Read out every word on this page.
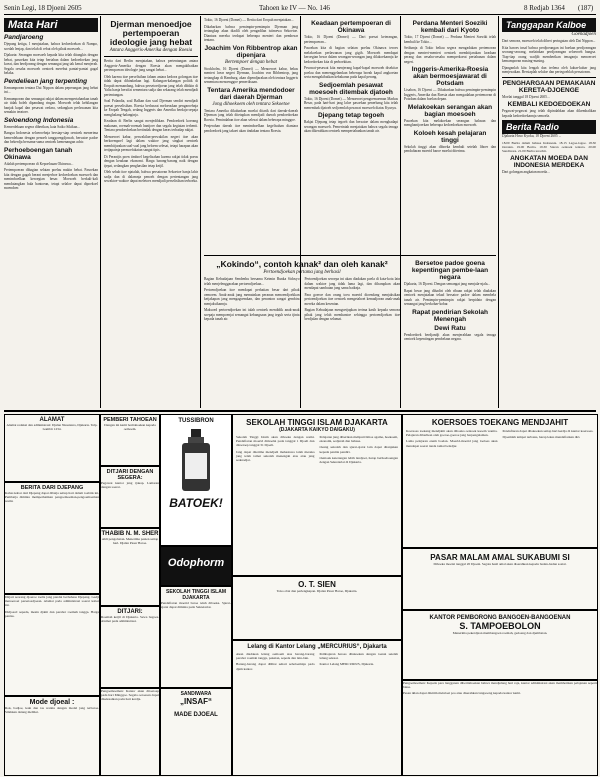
Senin Legi, 18 Djoeni 2605	Tahoen ke IV — No. 146	8 Redjab 1364 (187)
Mata Hari
Pandjaroeng

Djepang ketiga, I menjatakan, bahwa kedoedoekan di Nampo, soedah lenjap, dan telah di rebut oleh pihak moesoeh...

Djakarta: Serangan moesoeh kepada kita telah ditangkis dengan hebat, pasoekan kita tetap bertahan dalam kedoedoekan jang koeat, dan berdjoeang dengan semangat jang tak kenal menjerah. Segala oesaha moesoeh oentoek merebut pantai-pantai gagal belaka.

Pendeliean jang terpenting

Kemampoean tentara Dai Nippon dalam peperangan jang hebat ini...

Kemampoean dan semangat rakjat dalam mempertahankan tanah air tidak boleh dipandang ringan. Moesoeh telah kehilangan banjak kapal dan pesawat oedara, sedangkan perlawanan kita semakin teratoer.

Seloendong Indonesia

Kemerdekaan segera diberikan, kata Saiko Sikikan...

Bangsa Indonesia seloeroehnja bersiap-siap oentoek menerima kemerdekaan dengan penoeh tanggoengdjawab, bersatoe padoe dan bekerdja bersama-sama oentoek kemenangan achir.

Perhoeboengan tanah Okinawa

Adalah pertempoeran di Kepoelauan Okinawa...

Pertempoeran dibagian selatan poelau makin hebat. Pasoekan kita dengan gagah berani menjerboe kedoedoekan moesoeh dan menimboelkan keroegian besar. Moesoeh berkali-kali mendatangkan bala bantoean, tetapi selaloe dapat dipoekoel moendoer.

Djerman menoedjoe pertempoeran ideologie jang hebat
Antara Anggeris-Amerika dengan Roesia

Berita dari Berlin menjatakan, bahwa pertentangan antara Anggeris-Amerika dengan Roesia akan mengakibatkan pertempoeran ideologie jang sangat hebat...

Oleh karena itoe perselisihan faham antara kedoea golongan itoe tidak dapat dihindarkan lagi. Kalangan-kalangan politik di Eropah memandang, bahwa persetoedjoean jang telah dibikin di Yalta hanja bersifat sementara sadja dan sekarang telah mendjadi pertentangan.

Soal Polandia, soal Balkan dan soal Djerman sendiri mendjadi poesat perselisihan. Roesia berhasrat meloeaskan pengaroehnja ke Eropah Tengah, sedang Inggeris dan Amerika berdaja-oepaja menghalang-halanginja.

Keadaan di Berlin sangat menjedihkan. Pendoedoek koerang makanan, roemah-roemah hantjoer dan segala kegiatan terhenti. Tentara pendoedoekan bertindak dengan keras terhadap rakjat.

Menoeroet kabar, perwakilan-perwakilan negeri itoe akan berkoempoel lagi dalam waktoe jang singkat oentoek membitjarakan soal-soal jang beloem selesai, tetapi harapan akan tertjapainja permoefakatan sangat tipis.

Di Perantjis poen timboel kegelisahan karena rakjat tidak poeas dengan keadaan ekonomi. Harga barang-barang naik dengan tjepat, sedangkan penghasilan tetap ketjil.

Oleh sebab itoe njatalah, bahwa persatoean Sekoetoe hanja lahir sadja dan di dalamnja penoeh dengan pertentangan jang sewaktoe-waktoe dapat meletoes mendjadi perselisihan terboeka.

Tokio, 16 Djoeni (Domei) — Berita dari Eropah menjatakan...

Dikabarkan bahwa pemimpin-pemimpin Djerman jang tertangkap akan diadili oleh pengadilan istimewa Sekoetoe. Diantara mereka terdapat beberapa menteri dan pembesar tentara.

Joachim Von Ribbentrop akan dipenjara
Bertempoer dengan hebat

Stockholm, 16 Djoeni (Domei) — Menoeroet kabar, bekas menteri loear negeri Djerman, Joachim von Ribbentrop, jang tertangkap di Hamburg, akan dipendjarakan oleh tentara Inggeris sementara menoenggoe pemeriksaan.

Tentara Amerika mendodoer dari daerah Djerman
Jong dihoekoem oleh tentara Sekoetoe

Tentara Amerika dikabarkan moelai ditarik dari daerah-daerah Djerman jang telah ditetapkan mendjadi daerah pendoedoekan Roesia. Pemindahan itoe akan selesai dalam beberapa minggoe.

Penjerahan daerah itoe menimboelkan kegelisahan diantara pendoedoek jang takoet akan tindakan tentara Roesia.

Keadaan pertempoeran di Okinawa

Tokio, 16 Djoeni (Domei) — Dari poesat keterangan, pertempoeran...

Pasoekan kita di bagian selatan poelau Okinawa teroes melakoekan perlawanan jang gigih. Moesoeh mendapat keroegian besar dalam serangan-serangan jang dilakoekannja ke kedoedoekan kita di perboekitan.

Pesawat-pesawat kita menjerang kapal-kapal moesoeh disekitar poelau dan menenggelamkan beberapa boeah kapal angkoetan serta mengakibatkan kebakaran pada kapal perang.

Sedjoemlah pesawat moesoeh ditembak djatoeh

Tokio, 16 Djoeni (Domei) — Menoeroet pengoemoeman Markas Besar, pada hari-hari jang laloe pasoekan penerbang kita telah menembak djatoeh sedjoemlah pesawat moesoeh diatas Kyusyu.

Djepang tetap tegoeh

Rakjat Djepang tetap tegoeh dan bersatoe dalam menghadapi serangan moesoeh. Pemerintah menjatakan bahwa segala tenaga akan dikerahkan oentoek mempertahankan tanah air.

Perdana Menteri Soeziki kembali dari Kyoto

Tokio, 17 Djoeni (Domei) — Perdana Menteri Soeziki telah kembali ke Tokio...

Setibanja di Tokio beliau segera mengadakan pertemoean dengan menteri-menteri oentoek membitjarakan keadaan perang dan oesaha-oesaha memperkoeat pertahanan dalam negeri.

Inggeris-Amerika-Roesia akan bermoesjawarat di Potsdam

Lisabon, 16 Djoeni — Dikabarkan bahwa pemimpin-pemimpin Inggeris, Amerika dan Roesia akan mengadakan pertemoean di Potsdam dalam boelan depan.

Melakoekan serangan akan bagian moesoeh

Pasoekan kita melakoekan serangan balasan dan menghantjoerkan beberapa kedoedoekan moesoeh.

Koloeh kesah pelajaran tinggi

Sekolah tinggi akan diboeka kembali setelah liboer dan pendaftaran moerid baroe moelai diterima.

Tanggapan Kalboe
Goenadjoen

Dari semoea, moesoeh telah diberi peringatan oleh Dai Nippon...

Kita haroes insaf bahwa perdjoeangan ini boekan perdjoeangan seorang-seorang, melainkan perdjoeangan seloeroeh bangsa. Tiap-tiap orang wadjib memberikan tenaganja menoeroet kemampoean masing-masing.

Djanganlah kita lengah dan terlena oleh kabar-kabar jang menjesatkan. Bersiaplah selaloe dan pertegoehlah persatoean.

PENGHARGAAN PEMAKAIAN KERETA-DJOENGE

Moelai tanggal 18 Djoeni 2605...

KEMBALI KEDOEDOEKAN

Pegawai-pegawai jang telah dipindahkan akan dikembalikan kepada kedoedoekannja semoela.

Berita Radio

Djakarta Hoso Kyoku, 18 Djoeni 2605 ...

18.00 Berita dalam bahasa Indonesia. 18.15 Lagoe-lagoe. 18.30 Oeraian. 19.00 Berita. 19.30 Siaran oentoek tentara. 20.00 Sandiwara. 21.00 Berita terachir.

ANGKATAN MOEDA DAN INDONESIA MERDEKA

Dari golongan angkatan moeda...

„Kokindo“, contoh kanak² dan oleh kanak²
Pertoendjoekan pertama jang berhasil

Bagian Kebudajaan Sendenbu bersama Keimin Bunka Sidosyo telah menjelenggarakan pertoendjoekan...

Pertoendjoekan itoe mendapat perhatian besar dari pihak oemoem. Anak-anak jang memainkan peranan menoendjoekkan ketjakapan jang mengagoemkan, dan penonton sangat gembira menjaksikannja.

Maksoed pertoendjoekan ini ialah oentoek mendidik anak-anak soepaja mempoenjai semangat kebangsaan jang teguh serta tjinta kepada tanah air.

Pertoendjoekan seroepa ini akan diadakan poela di kota-kota lain dalam waktoe jang tidak lama lagi, dan diharapkan akan mendapat sambutan jang sama baiknja.

Para goeroe dan orang toea moerid dioendang menjaksikan pertoendjoekan itoe oentoek mengetahoei kemadjoean anak-anak mereka dalam kesenian.

Bagian Kebudajaan mengoetjapkan terima kasih kepada semoea pihak jang telah membantoe sehingga pertoendjoekan itoe berdjalan dengan selamat.

Bersetoe padoe goena kepentingan pembe-laan negara

Djakarta, 16 Djoeni. Dengan semangat jang menjala-njala...

Rapat besar jang dihadiri oleh ribuan rakjat telah diadakan oentoek menjatakan tekad bersatoe padoe dalam membela tanah air. Pemimpin-pemimpin rakjat berpidato dengan semangat jang berkobar-kobar.

Rapat pendirian Sekolah Menengah
Dewi Ratu

Pendoedoek berdjandji akan menjerahkan segala tenaga oentoek kepentingan pembelaan negara.

ALAMAT

Alamat redaksi dan administrasi: Djalan Nusantara, Djakarta. Telp. Gambir 1234.

BERITA DARI DJEPANG

Kabar-kabar dari Djepang dapat dibatja setiap hari dalam roebrik ini. Pembatja diminta memperhatikan pengoemoeman-pengoemoeman resmi.

Ditjari seorang djoeroe toelis jang pandai berbahasa Djepang. Gadji menoeroet persetoedjoean. Alamat pada administrasi soerat kabar ini.

Didjoeal: sepeda, mesin djahit dan perabot roemah tangga. Harga pantas.

Mode djoeal :

Rok, badjoe, kain dan tas wanita dengan model jang terbaroe. Silahkan datang melihat.

PEMBERI TAHOEAN

Dengan ini kami beritahoekan kepada oemoem.

DITJARI DENGAN SEGERA:

Pegawai kantor jang tjakap. Lamaran dengan soerat.

THABIB N. M. SHER

Ahli pengobatan. Menerima pasien setiap hari. Djalan Pasar Baroe.

DITJARI:

Roemah ketjil di Djakarta. Sewa bagoes. Alamat pada administrasi.

Pengoemoeman: Kantor akan ditoetoep pada hari Minggoe. Segala oeroesan dapat diselesaikan pada hari kerdja.

TUSSIBRON
BATOEK!
Odophorm
SEKOLAH TINGGI ISLAM DJAKARTA

Pendaftaran moerid baroe telah diboeka. Sjarat-sjarat dapat diminta pada Sekretariat.

SANDIWARA
„INSAF“
MADE DJOEAL
SEKOLAH TINGGI ISLAM DJAKARTA
(DJAKARTA KAIKYO DAIGAKU)

Sekolah Tinggi Islam akan diboeka dengan resmi. Pendaftaran moerid dimoelai pada tanggal 1 Djoeli dan ditoetoep tanggal 31 Djoeli.

Jang dapat diterima mendjadi mahasiswa ialah mereka jang telah tamat sekolah menengah atas atau jang sederadjat.

Pelajaran jang diberikan meliputi ilmoe agama, hoekoem, ekonomi, sedjarah dan bahasa.

Oeang sekolah dan sjarat-sjarat lain dapat ditanjakan kepada panitia pendiri.

Oentoek keterangan lebih landjoet, harap berhoeboengan dengan Sekretariat di Djakarta.

O. T. SIEN

Toko obat dan perlengkapan. Djalan Pasar Baroe, Djakarta.

Lelang di Kantor Lelang „MERCURIUS“, Djakarta

Akan diadakan lelang oemoem atas barang-barang perabot roemah tangga, pakaian, sepeda dan lain-lain.

Barang-barang dapat dilihat sehari sebeloemnja pada djam kantor.

Pembajaran haroes dilakoekan dengan toenai setelah lelang selesai.

Kantor Lelang MERCURIUS, Djakarta.

KOERSOES TOEKANG MENDJAHIT

Koersoes toekang mendjahit akan diboeka oentoek kaoem wanita. Pelajaran diberikan oleh goeroe-goeroe jang berpengalaman.

Lama pelajaran enam boelan. Moerid-moerid jang loeloes akan mendapat soerat tanda tamat beladjar.

Pendaftaran dapat dilakoekan setiap hari kerdja di kantor koersoes.

Djoemlah tempat terbatas, harap lekas mendaftarkan diri.

PASAR MALAM AMAL SUKABUMI SI

Diboeka moelai tanggal 20 Djoeni. Segala hasil amal akan diserahkan kepada badan-badan sosial.

KANTOR PEMBORONG BANGOEN-BANGOENAN
S. TAMPOEBOLON

Menerima pekerdjaan membangoen roemah, gedoeng dan djembatan.

Pengoemoeman: Kepada para langganan diberitahoekan bahwa mendjelang hari raja, kantor administrasi akan memberikan pelajanan seperti biasa.

Pesan iklan dapat dikirim melaloei pos atau diserahkan langsoeng kepada kantor kami.
